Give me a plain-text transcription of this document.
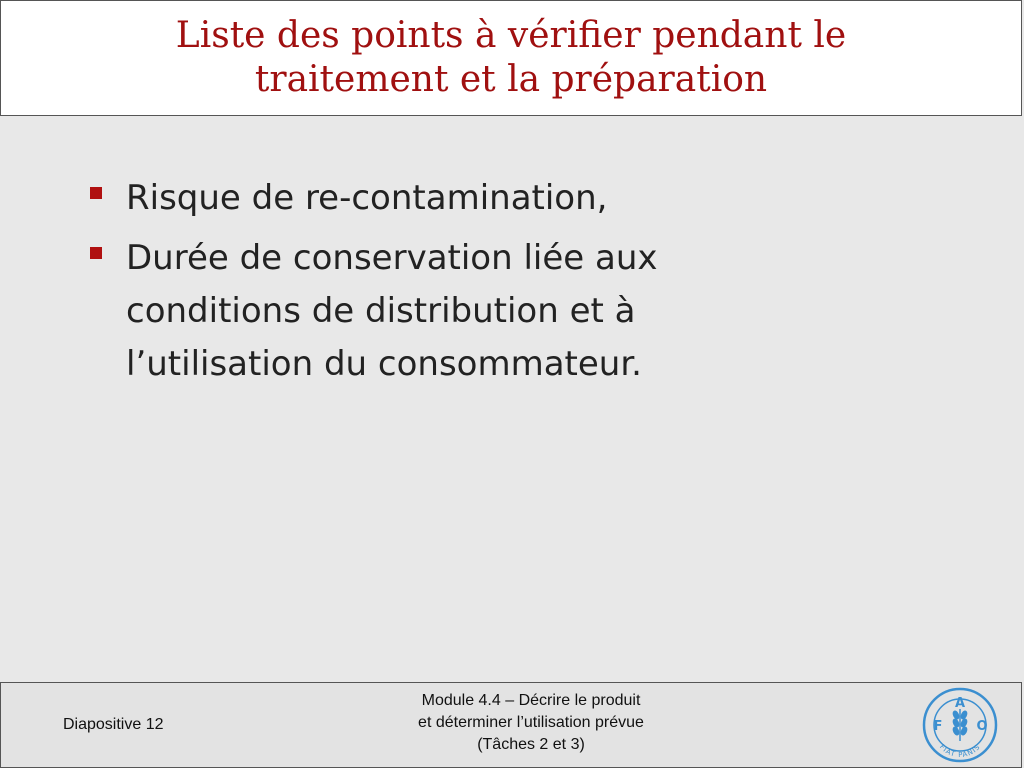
Liste des points à vérifier pendant le
traitement et la préparation
Risque de re-contamination,
Durée de conservation liée aux conditions de distribution et à l’utilisation du consommateur.
Diapositive 12
Module 4.4 – Décrire le produit
et déterminer l’utilisation prévue
(Tâches 2 et 3)
F
A
O
FIAT PANIS
